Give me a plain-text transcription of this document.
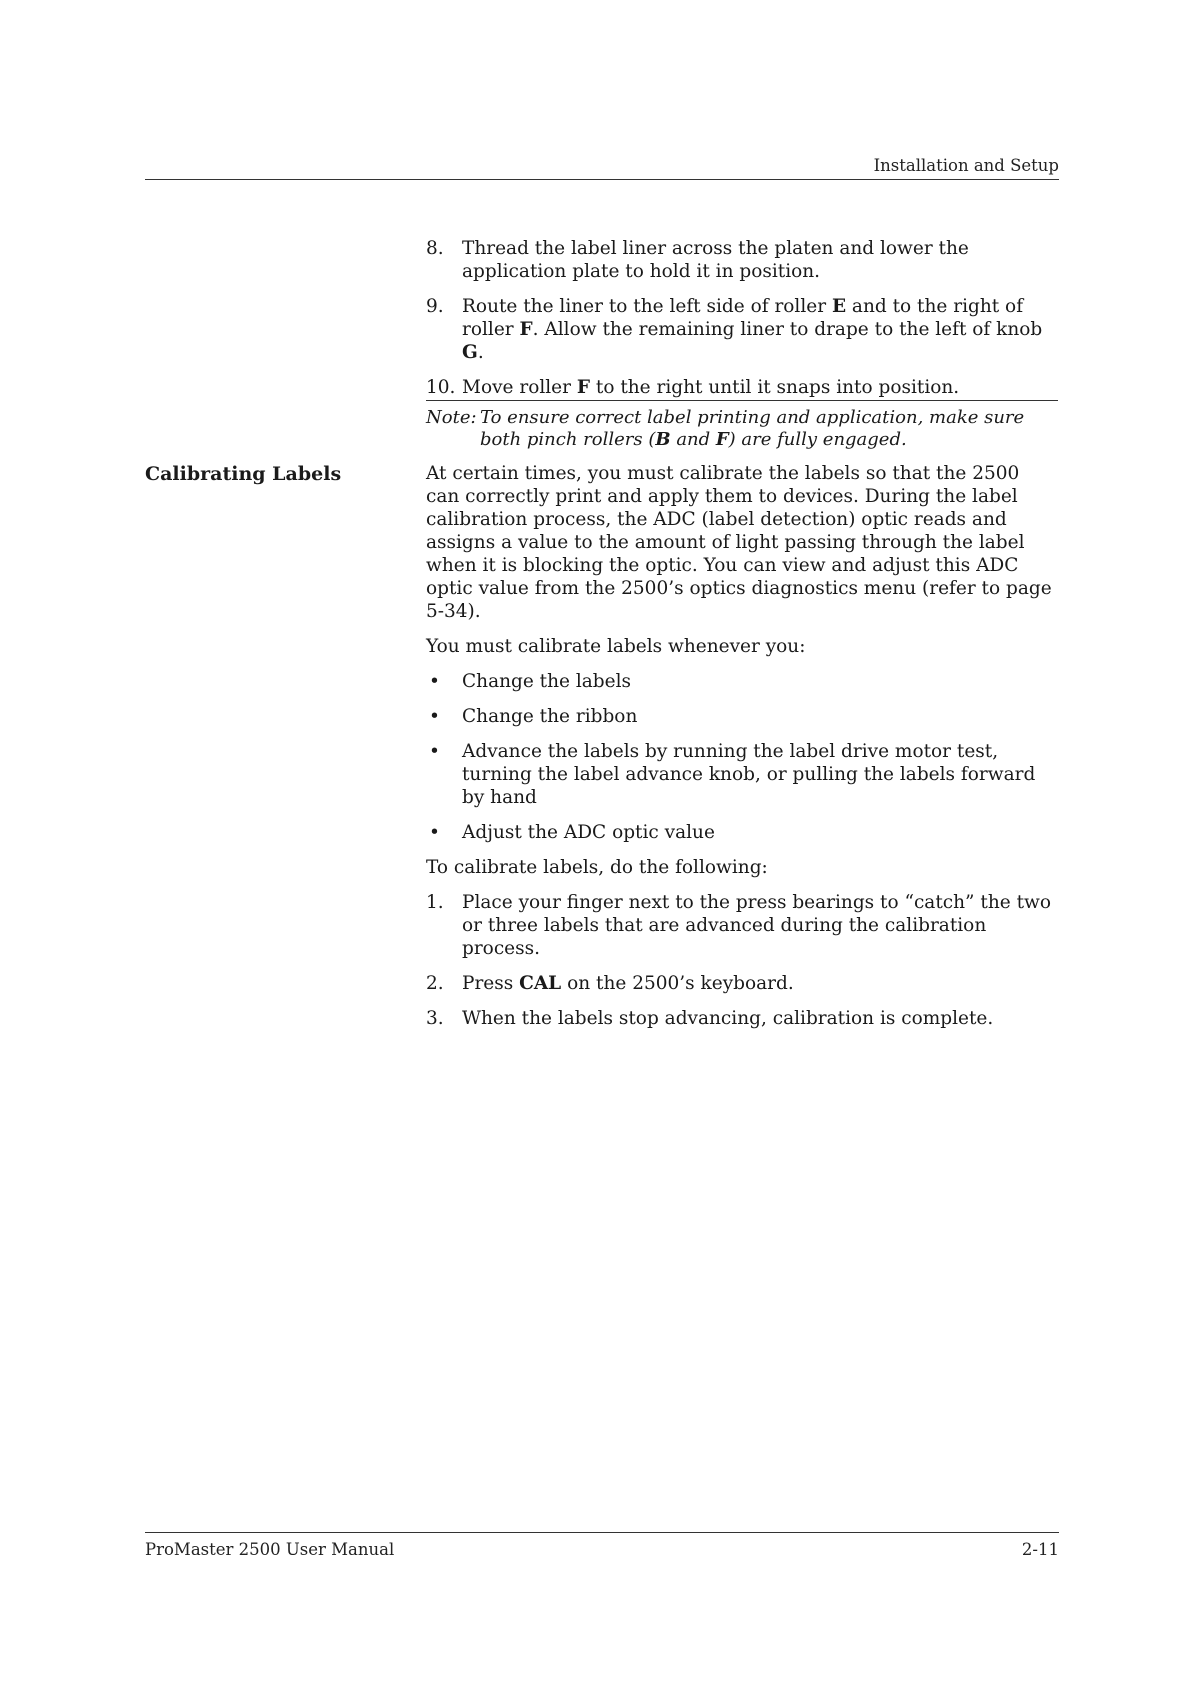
Installation and Setup
8. Thread the label liner across the platen and lower the application plate to hold it in position.
9. Route the liner to the left side of roller E and to the right of roller F. Allow the remaining liner to drape to the left of knob G.
10. Move roller F to the right until it snaps into position.
Note: To ensure correct label printing and application, make sure both pinch rollers (B and F) are fully engaged.
Calibrating Labels	At certain times, you must calibrate the labels so that the 2500 can correctly print and apply them to devices. During the label calibration process, the ADC (label detection) optic reads and assigns a value to the amount of light passing through the label when it is blocking the optic. You can view and adjust this ADC optic value from the 2500’s optics diagnostics menu (refer to page 5-34).

You must calibrate labels whenever you:

• Change the labels
• Change the ribbon
• Advance the labels by running the label drive motor test, turning the label advance knob, or pulling the labels forward by hand
• Adjust the ADC optic value

To calibrate labels, do the following:

1. Place your finger next to the press bearings to “catch” the two or three labels that are advanced during the calibration process.
2. Press CAL on the 2500’s keyboard.
3. When the labels stop advancing, calibration is complete.
ProMaster 2500 User Manual	2-11
